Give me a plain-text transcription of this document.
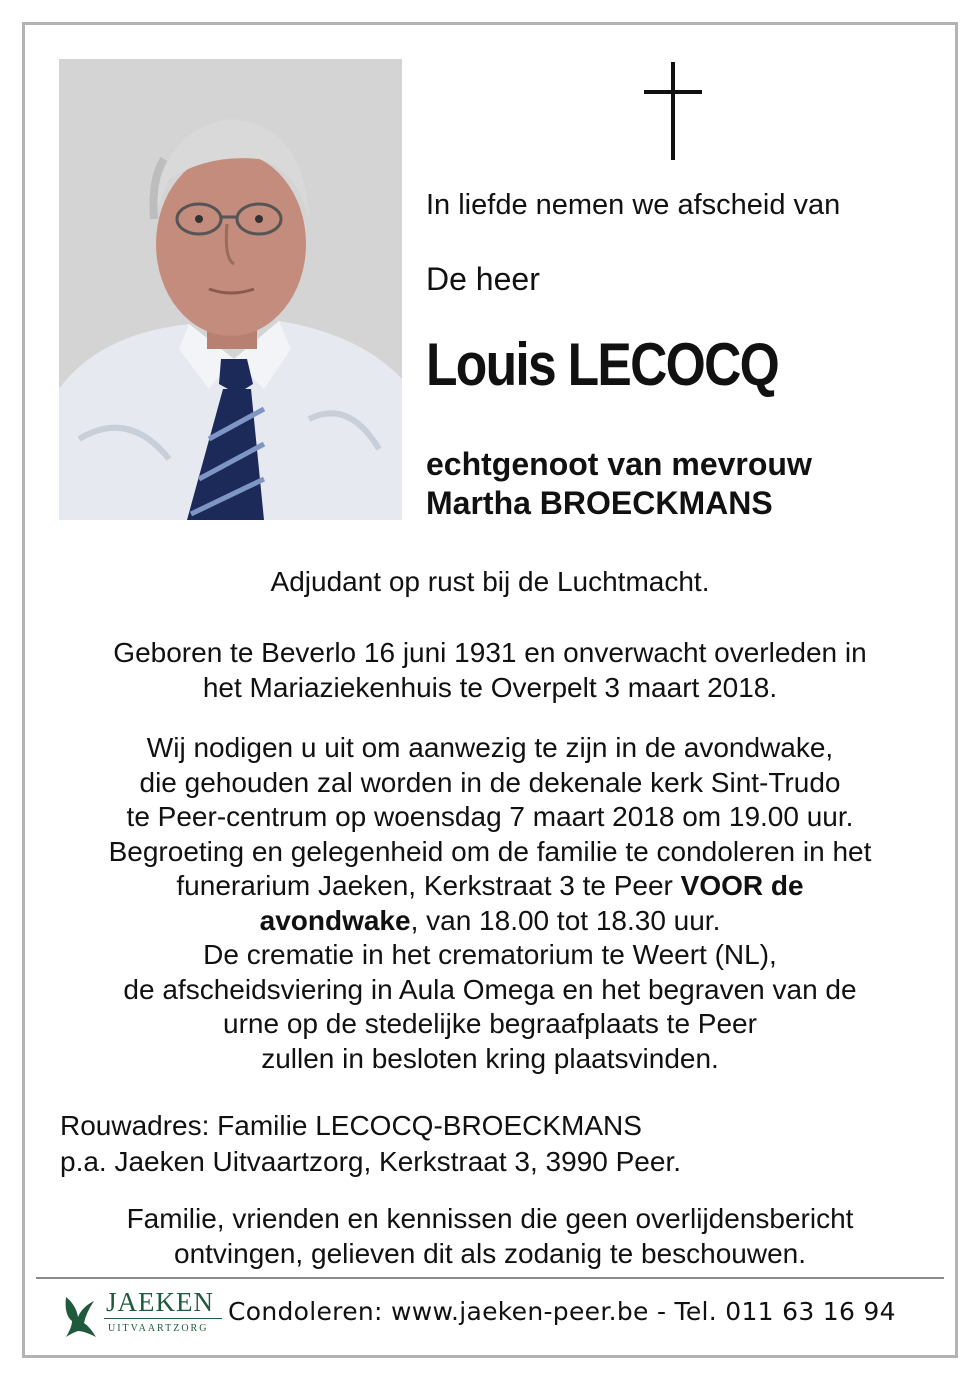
In liefde nemen we afscheid van
De heer
Louis LECOCQ
echtgenoot van mevrouw
Martha BROECKMANS
Adjudant op rust bij de Luchtmacht.
Geboren te Beverlo 16 juni 1931 en onverwacht overleden in
het Mariaziekenhuis te Overpelt 3 maart 2018.
Wij nodigen u uit om aanwezig te zijn in de avondwake,
die gehouden zal worden in de dekenale kerk Sint-Trudo
te Peer-centrum op woensdag 7 maart 2018 om 19.00 uur.
Begroeting en gelegenheid om de familie te condoleren in het
funerarium Jaeken, Kerkstraat 3 te Peer VOOR de
avondwake, van 18.00 tot 18.30 uur.
De crematie in het crematorium te Weert (NL),
de afscheidsviering in Aula Omega en het begraven van de
urne op de stedelijke begraafplaats te Peer
zullen in besloten kring plaatsvinden.
Rouwadres: Familie LECOCQ-BROECKMANS
p.a. Jaeken Uitvaartzorg, Kerkstraat 3, 3990 Peer.
Familie, vrienden en kennissen die geen overlijdensbericht
ontvingen, gelieven dit als zodanig te beschouwen.
JAEKEN
UITVAARTZORG
Condoleren: www.jaeken-peer.be - Tel. 011 63 16 94
